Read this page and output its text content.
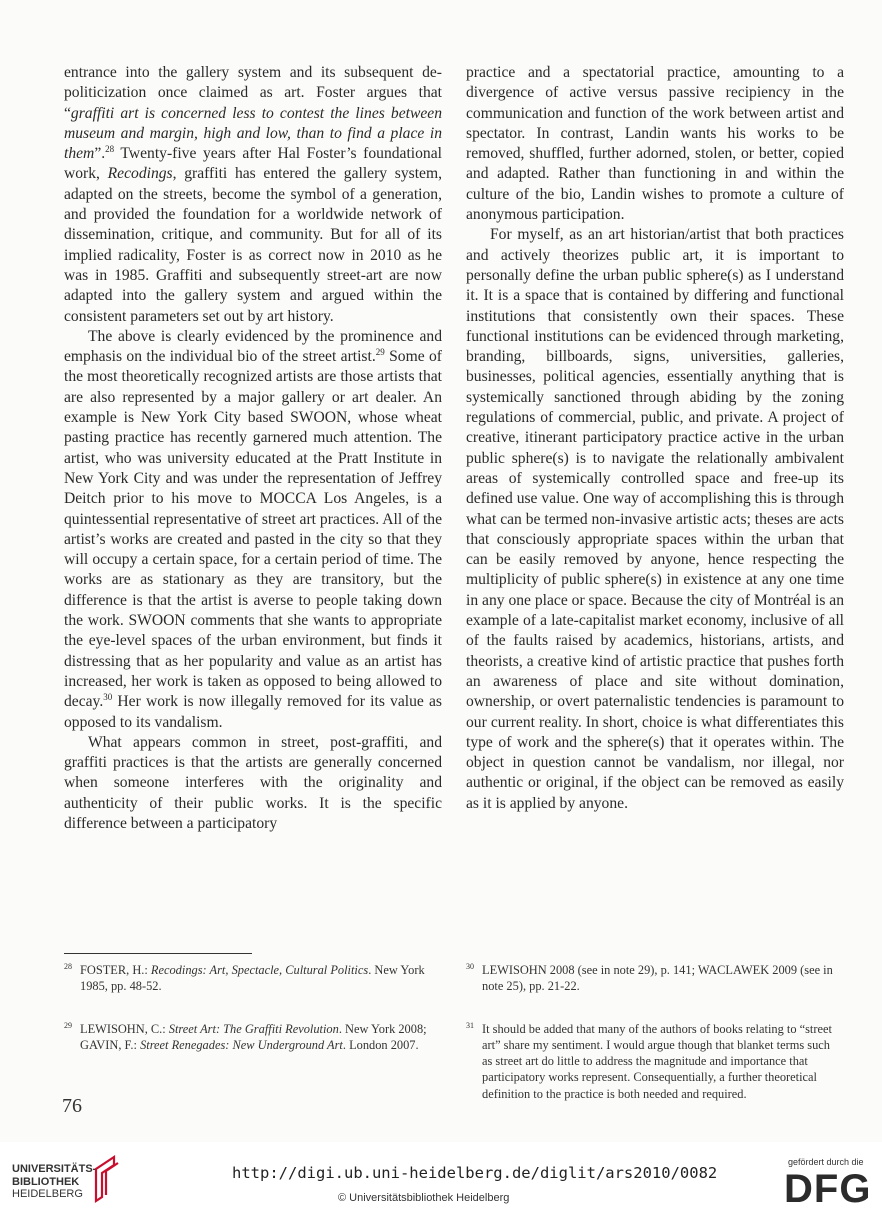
entrance into the gallery system and its subsequent de-politicization once claimed as art. Foster argues that “graffiti art is concerned less to contest the lines between museum and margin, high and low, than to find a place in them”.$^{28}$ Twenty-five years after Hal Foster’s foundational work, Recodings, graffiti has entered the gallery system, adapted on the streets, become the symbol of a generation, and provided the foundation for a worldwide network of dissemination, critique, and community. But for all of its implied radicality, Foster is as correct now in 2010 as he was in 1985. Graffiti and subsequently street-art are now adapted into the gallery system and argued within the consistent parameters set out by art history.

The above is clearly evidenced by the prominence and emphasis on the individual bio of the street artist.$^{29}$ Some of the most theoretically recognized artists are those artists that are also represented by a major gallery or art dealer. An example is New York City based SWOON, whose wheat pasting practice has recently garnered much attention. The artist, who was university educated at the Pratt Institute in New York City and was under the representation of Jeffrey Deitch prior to his move to MOCCA Los Angeles, is a quintessential representative of street art practices. All of the artist’s works are created and pasted in the city so that they will occupy a certain space, for a certain period of time. The works are as stationary as they are transitory, but the difference is that the artist is averse to people taking down the work. SWOON comments that she wants to appropriate the eye-level spaces of the urban environment, but finds it distressing that as her popularity and value as an artist has increased, her work is taken as opposed to being allowed to decay.$^{30}$ Her work is now illegally removed for its value as opposed to its vandalism.

What appears common in street, post-graffiti, and graffiti practices is that the artists are generally concerned when someone interferes with the originality and authenticity of their public works. It is the specific difference between a participatory

practice and a spectatorial practice, amounting to a divergence of active versus passive recipiency in the communication and function of the work between artist and spectator. In contrast, Landin wants his works to be removed, shuffled, further adorned, stolen, or better, copied and adapted. Rather than functioning in and within the culture of the bio, Landin wishes to promote a culture of anonymous participation.

For myself, as an art historian/artist that both practices and actively theorizes public art, it is important to personally define the urban public sphere(s) as I understand it. It is a space that is contained by differing and functional institutions that consistently own their spaces. These functional institutions can be evidenced through marketing, branding, billboards, signs, universities, galleries, businesses, political agencies, essentially anything that is systemically sanctioned through abiding by the zoning regulations of commercial, public, and private. A project of creative, itinerant participatory practice active in the urban public sphere(s) is to navigate the relationally ambivalent areas of systemically controlled space and free-up its defined use value. One way of accomplishing this is through what can be termed non-invasive artistic acts; theses are acts that consciously appropriate spaces within the urban that can be easily removed by anyone, hence respecting the multiplicity of public sphere(s) in existence at any one time in any one place or space. Because the city of Montréal is an example of a late-capitalist market economy, inclusive of all of the faults raised by academics, historians, artists, and theorists, a creative kind of artistic practice that pushes forth an awareness of place and site without domination, ownership, or overt paternalistic tendencies is paramount to our current reality. In short, choice is what differentiates this type of work and the sphere(s) that it operates within. The object in question cannot be vandalism, nor illegal, nor authentic or original, if the object can be removed as easily as it is applied by anyone.

28 FOSTER, H.: Recodings: Art, Spectacle, Cultural Politics. New York 1985, pp. 48-52.
29 LEWISOHN, C.: Street Art: The Graffiti Revolution. New York 2008; GAVIN, F.: Street Renegades: New Underground Art. London 2007.
30 LEWISOHN 2008 (see in note 29), p. 141; WACLAWEK 2009 (see in note 25), pp. 21-22.
31 It should be added that many of the authors of books relating to “street art” share my sentiment. I would argue though that blanket terms such as street art do little to address the magnitude and importance that participatory works represent. Consequentially, a further theoretical definition to the practice is both needed and required.
76
UNIVERSITÄTS-
BIBLIOTHEK
HEIDELBERG
http://digi.ub.uni-heidelberg.de/diglit/ars2010/0082
© Universitätsbibliothek Heidelberg
gefördert durch die
DFG
